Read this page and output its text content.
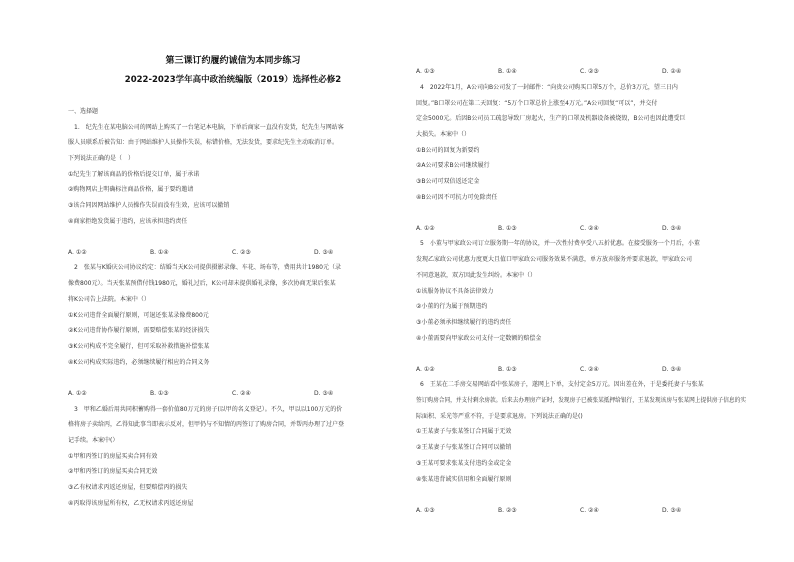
第三课订约履约诚信为本同步练习
2022-2023学年高中政治统编版（2019）选择性必修2
一、选择题
1.　纪先生在某电脑公司的网站上购买了一台笔记本电脑，下单后商家一直没有发货，纪先生与网站客
服人员联系后被告知：由于网站维护人员操作失误，标错价格，无法发货，要求纪先生主动取消订单。
下列说法正确的是（　）
①纪先生了解该商品的价格后提交订单，属于承诺
②购物网店上明确标注商品价格，属于要约邀请
③该合同因网站维护人员操作失误而没有生效，应该可以撤销
④商家拒绝发货属于违约，应该承担违约责任
A. ①②	B. ①④	C. ②③	D. ③④
2　张某与K婚庆公司协议约定：结婚当天K公司提供摄影录像、车花、场布等，费用共计1980元（录
像费800元）。当天张某预借付钱1980元，婚礼过后，K公司却未提供婚礼录像，多次协商无果后张某
将K公司告上法院。本案中（）
①K公司违背全面履行原则，可退还张某录像费800元
②K公司违背协作履行原则，需要赔偿张某的经济损失
③K公司构成不完全履行，但可采取补救措施补偿张某
④K公司构成实际违约，必须继续履行相应的合同义务
A. ①②	B. ①③	C. ②④	D. ③④
3　甲和乙婚后用共同积蓄购得一套价值80万元的房子(以甲的名义登记）。不久，甲以以100万元的价
格将房子卖给丙，乙得知此事当即表示反对，但甲仍与不知情的丙签订了购房合同，并帮丙办理了过户登
记手续。本案中(）
①甲和丙签订的房屋买卖合同有效
②甲和丙签订的房屋买卖合同无效
③乙有权请求丙返还房屋，但要赔偿丙的损失
④丙取得该房屋所有权，乙无权请求丙返还房屋
A. ①③	B. ①④	C. ②③	D. ②④
4　2022年1月，A公司向B公司发了一封邮件：“向贵公司购买口罩5万个，总价3万元，望三日内
回复。”B口罩公司在第二天回复：“5万个口罩总价上涨至4万元。”A公司回复“可以”，并交付
定金5000元。后因B公司员工疏忽导致厂房起火，生产的口罩及机器设备被烧毁，B公司也因此遭受巨
大损失。本案中（）
①B公司的回复为新要约
②A公司要求B公司继续履行
③B公司可双倍返还定金
④B公司因不可抗力可免除责任
A. ①②	B. ①③	C. ②④	D. ③④
5　小董与甲家政公司订立服务期一年的协议，并一次性付费享受八五折优惠。在接受服务一个月后，小董
发现乙家政公司优惠力度更大且值口甲家政公司服务效果不满意，单方放弃服务并要求退款，甲家政公司
不同意退款，双方因此发生纠纷。本案中（）
①该服务协议不具备法律效力
②小董的行为属于预期违约
③小董必须承担继续履行的违约责任
④小董需要向甲家政公司支付一定数额的赔偿金
A. ①②	B. ①③	C. ②④	D. ③④
6　王某在二手房交易网站看中张某房子，遂网上下单，支付定金5万元。因出差在外，于是委托妻子与张某
签订购房合同，并支付剩余房款。后来去办理房产证时，发现房子已被张某抵押给银行，王某发现该房与张某网上提供房子信息的实
际面积、采光等严重不符，于是要求退房。下列说法正确的是()
①王某妻子与张某签订合同属于无效
②王某妻子与张某签订合同可以撤销
③王某可要求张某支付违约金或定金
④张某违背诚实信用和全面履行原则
A. ①③	B. ②③	C. ②④	D. ③④
